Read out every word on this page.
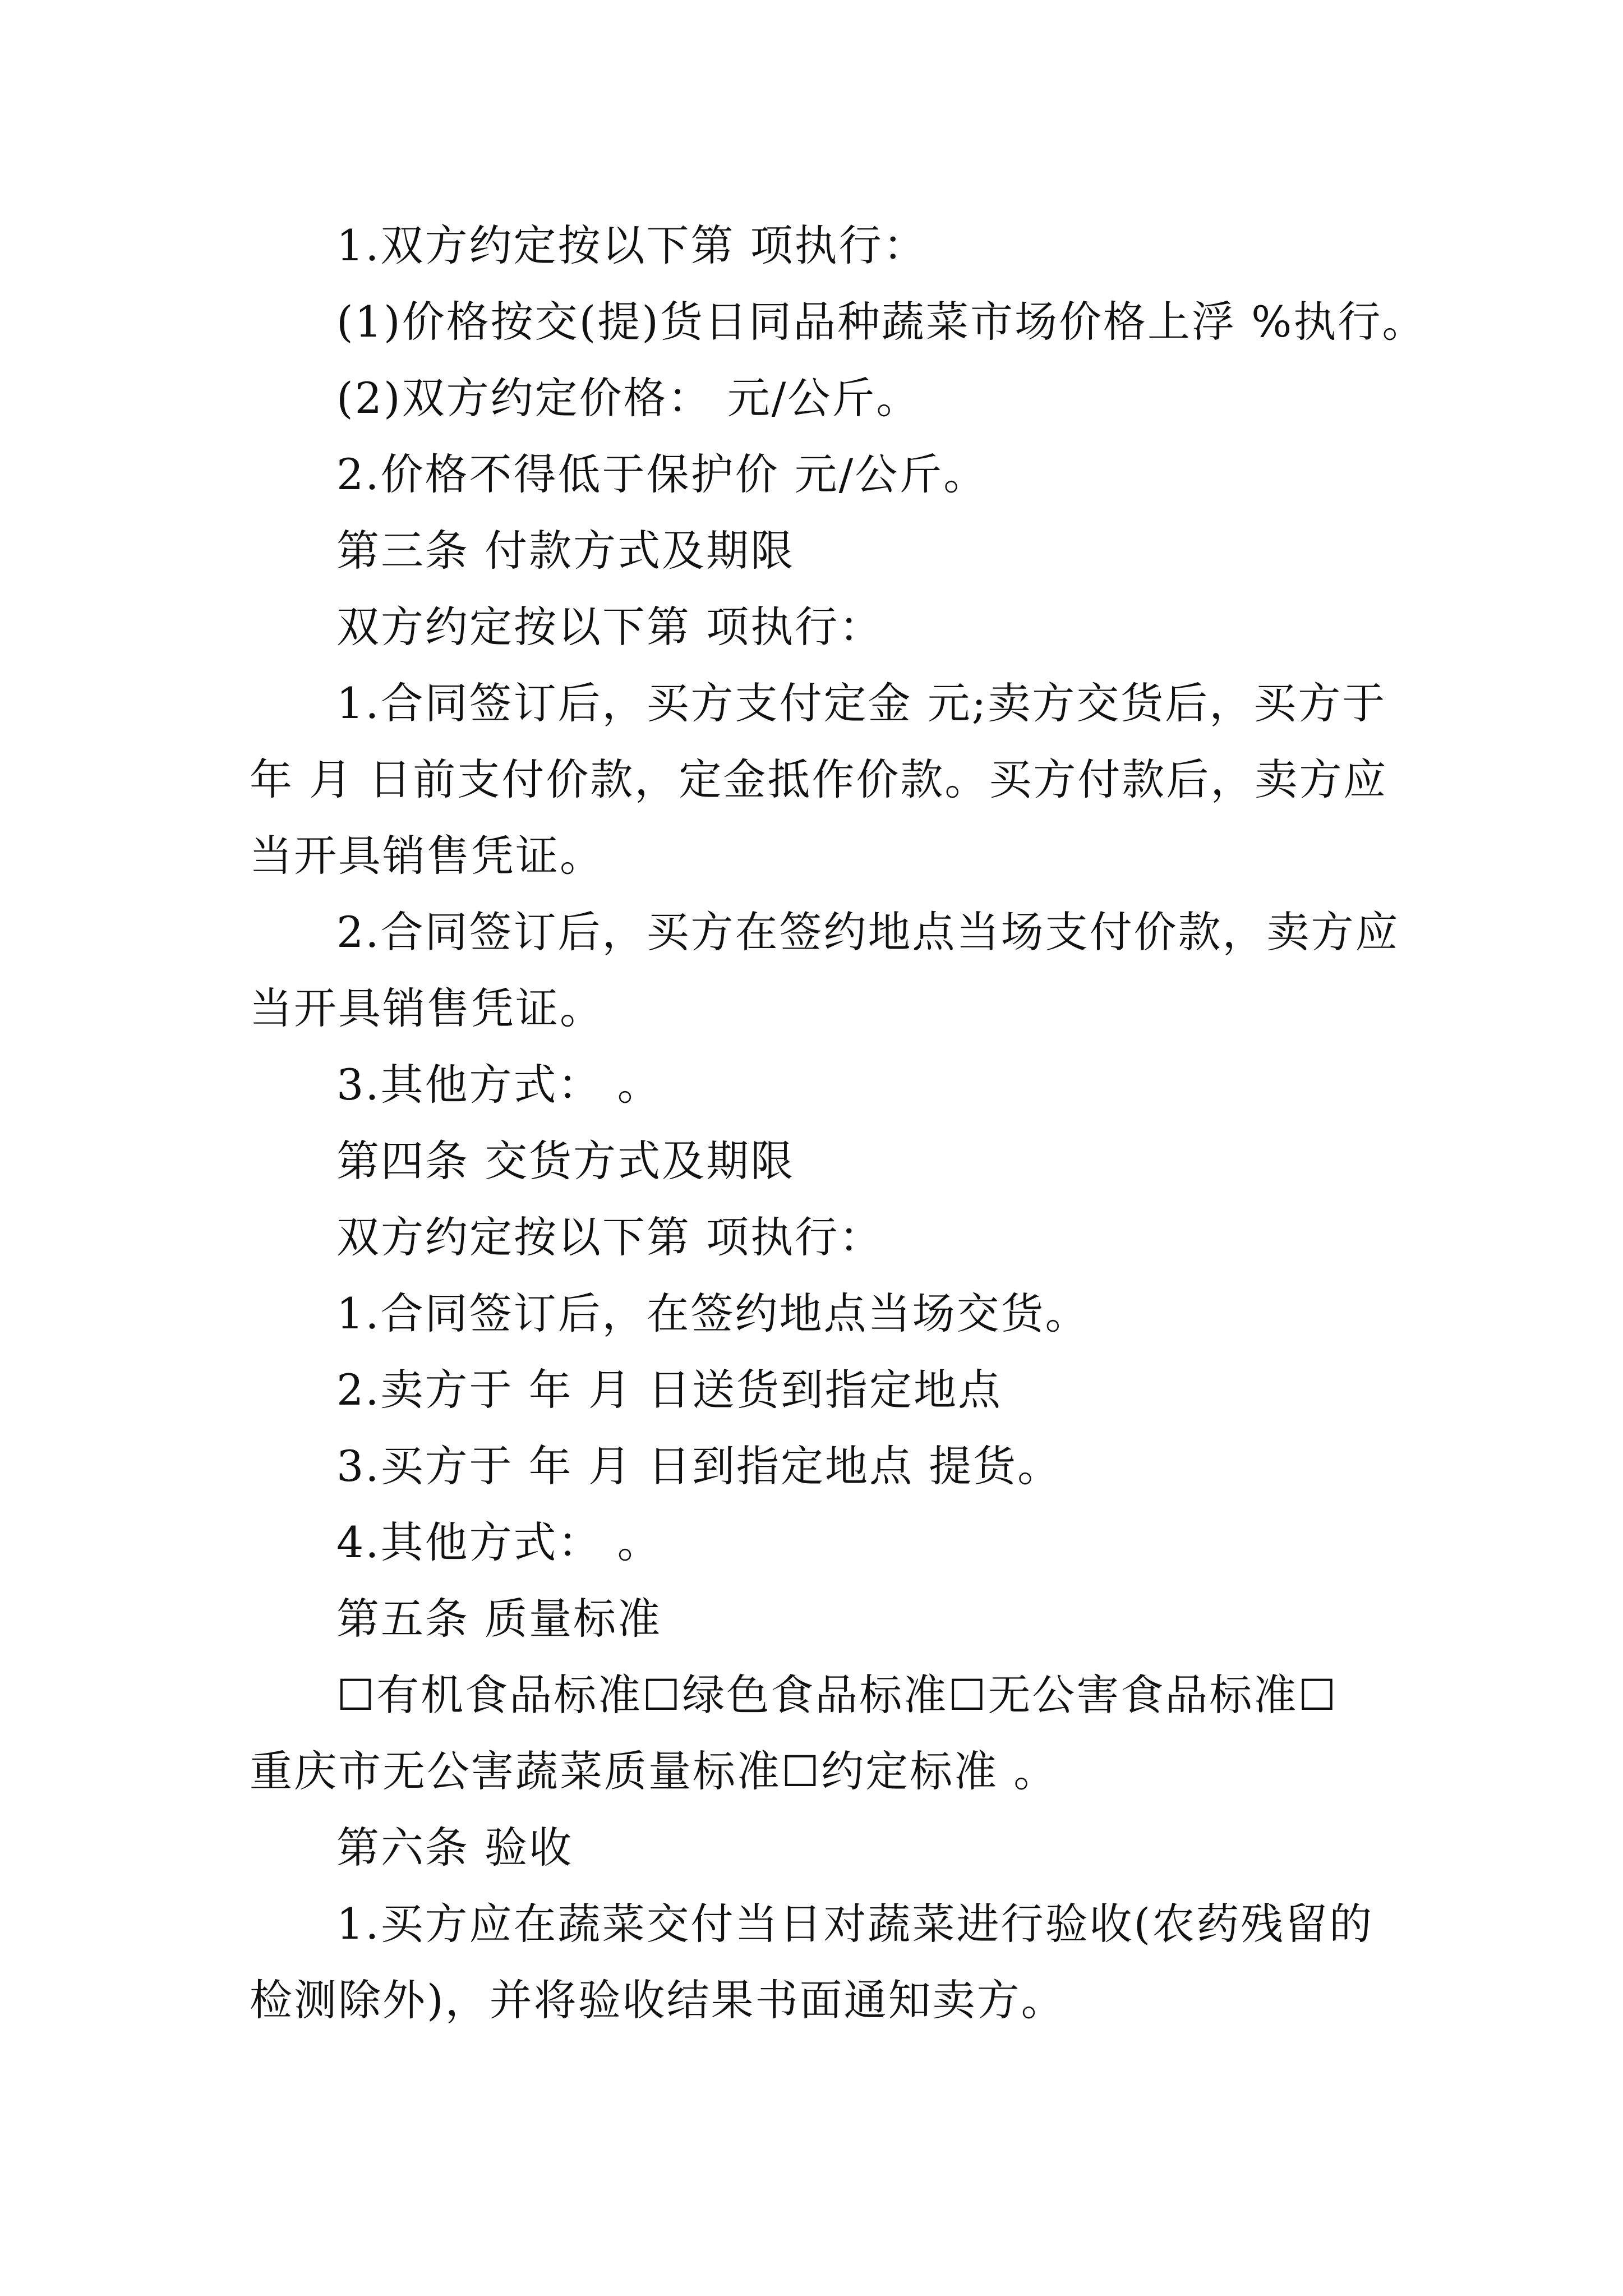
1.双方约定按以下第 项执行：
(1)价格按交(提)货日同品种蔬菜市场价格上浮 %执行。
(2)双方约定价格： 元/公斤。
2.价格不得低于保护价 元/公斤。
第三条 付款方式及期限
双方约定按以下第 项执行：
1.合同签订后，买方支付定金 元;卖方交货后，买方于
年 月 日前支付价款，定金抵作价款。买方付款后，卖方应
当开具销售凭证。
2.合同签订后，买方在签约地点当场支付价款，卖方应
当开具销售凭证。
3.其他方式： 。
第四条 交货方式及期限
双方约定按以下第 项执行：
1.合同签订后，在签约地点当场交货。
2.卖方于 年 月 日送货到指定地点
3.买方于 年 月 日到指定地点 提货。
4.其他方式： 。
第五条 质量标准
☐有机食品标准☐绿色食品标准☐无公害食品标准☐
重庆市无公害蔬菜质量标准☐约定标准 。
第六条 验收
1.买方应在蔬菜交付当日对蔬菜进行验收(农药残留的
检测除外)，并将验收结果书面通知卖方。
